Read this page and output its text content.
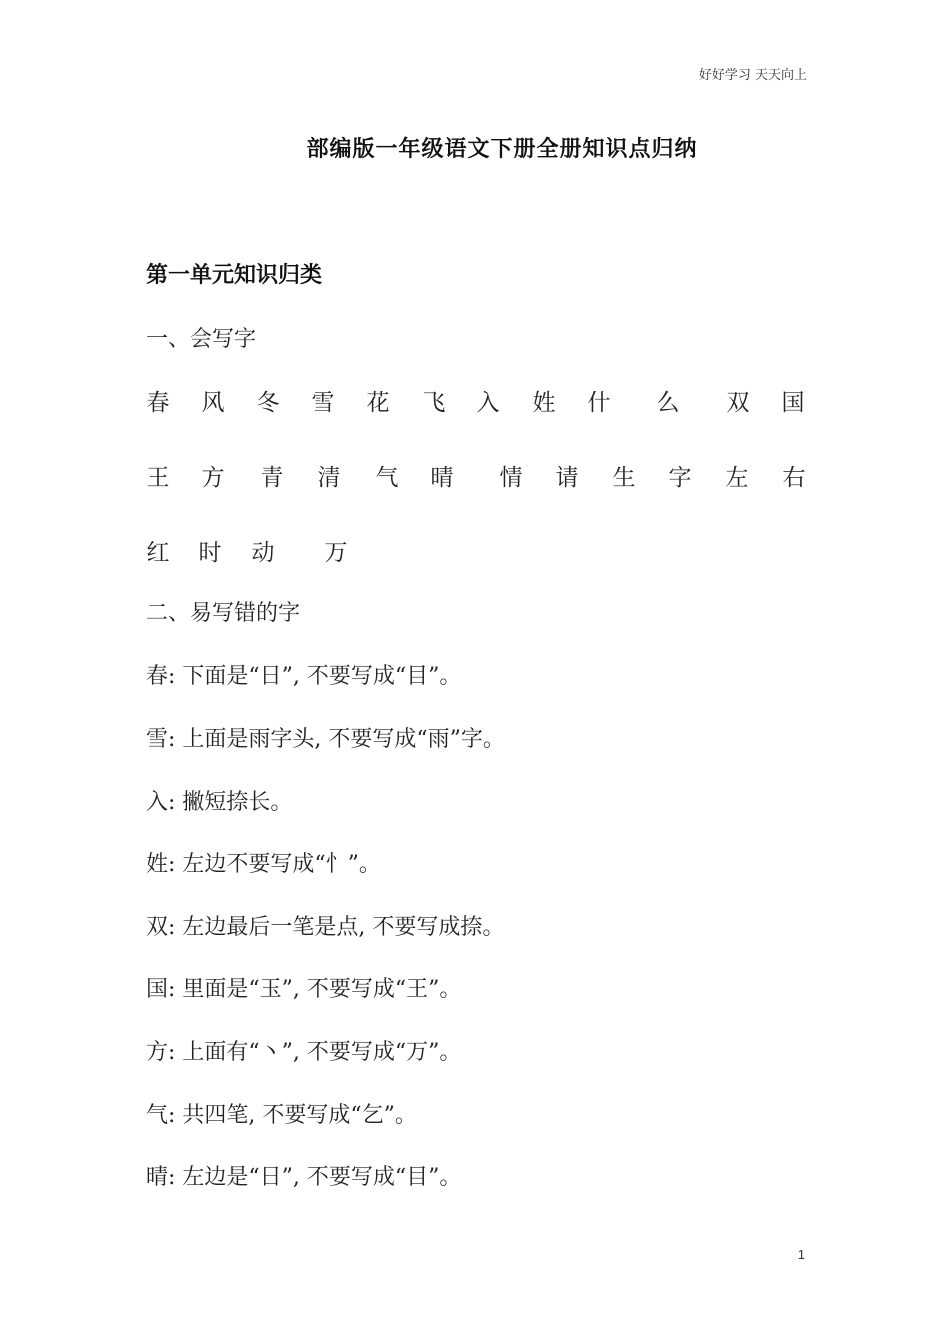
好好学习 天天向上
部编版一年级语文下册全册知识点归纳
第一单元知识归类
一、会写字
春 风 冬 雪 花 飞 入 姓 什 么 双 国
王 方 青 清 气 晴 情 请 生 字 左 右
红 时 动 万
二、易写错的字
春: 下面是“日”, 不要写成“目”。
雪: 上面是雨字头, 不要写成“雨”字。
入: 撇短捺长。
姓: 左边不要写成“忄”。
双: 左边最后一笔是点, 不要写成捺。
国: 里面是“玉”, 不要写成“王”。
方: 上面有“丶”, 不要写成“万”。
气: 共四笔, 不要写成“乞”。
晴: 左边是“日”, 不要写成“目”。
1
